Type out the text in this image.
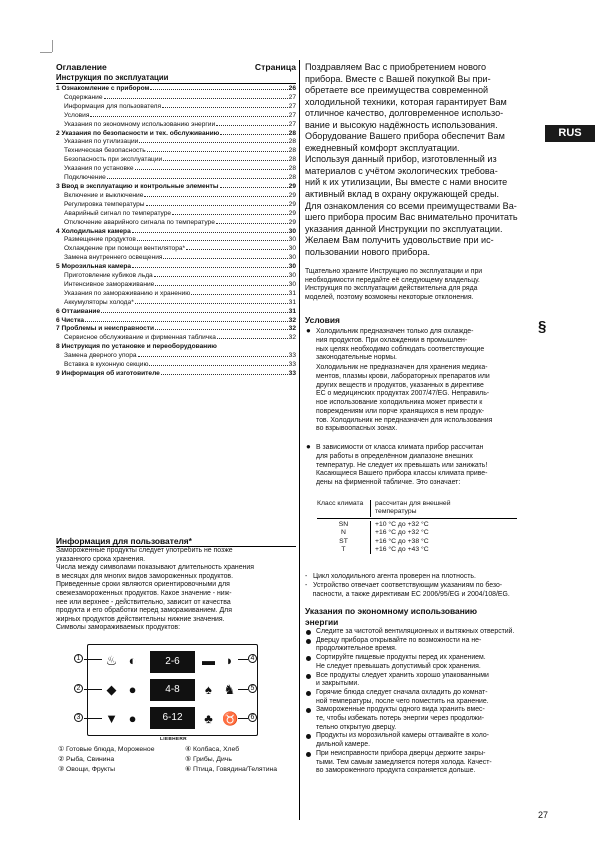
RUS
Оглавление	Страница
Инструкция по эксплуатации
1 Ознакомление с прибором	26
Содержание	27
Информация для пользователя	27
Условия	27
Указания по экономному использованию энергии	27
2 Указания по безопасности и тех. обслуживанию	28
Указания по утилизации	28
Техническая безопасность	28
Безопасность при эксплуатации	28
Указания по установке	28
Подключение	28
3 Ввод в эксплуатацию и контрольные элементы	29
Включение и выключение	29
Регулировка температуры	29
Аварийный сигнал по температуре	29
Отключение аварийного сигнала по температуре	29
4 Холодильная камера	30
Размещение продуктов	30
Охлаждение при помощи вентилятора*	30
Замена внутреннего освещения	30
5 Морозильная камера	30
Приготовление кубиков льда	30
Интенсивное замораживание	30
Указания по замораживанию и хранению	31
Аккумуляторы холода*	31
6 Оттаивание	31
6 Чистка	32
7 Проблемы и неисправности	32
Сервисное обслуживание и фирменная табличка	32
8 Инструкция по установке и переоборудованию
Замена дверного упора	33
Вставка в кухонную секцию	33
9 Информация об изготовителе	33
Информация для пользователя*

Замороженные продукты следует употребить не позже

указанного срока хранения.

Числа между символами показывают длительность хранения

в месяцах для многих видов замороженных продуктов.

Приведенные сроки являются ориентировочными для

свежезамороженных продуктов. Какое значение - ниж-

нее или верхнее - действительно, зависит от качества

продукта и его обработки перед замораживанием. Для

жирных продуктов действительны нижние значения.

Символы замораживаемых продуктов:

♨ ◐
◆ ●
▼ ●
2-6
4-8
6-12
▬ ◗
♠ ♞
♣ ♉
1
2
3
4
5
6
LIEBHERR
① Готовые блюда, Мороженое
② Рыба, Свинина
③ Овощи, Фрукты
④ Колбаса, Хлеб
⑤ Грибы, Дичь
⑥ Птица, Говядина/Телятина
Поздравляем Вас с приобретением нового
прибора. Вместе с Вашей покупкой Вы при-
обретаете все преимущества современной
холодильной техники, которая гарантирует Вам
отличное качество, долговременное использо-
вание и высокую надёжность использования.
Оборудование Вашего прибора обеспечит Вам
ежедневный комфорт эксплуатации.
Используя данный прибор, изготовленный из
материалов с учётом экологических требова-
ний к их утилизации, Вы вместе с нами вносите
активный вклад в охрану окружающей среды.
Для ознакомления со всеми преимуществами Ва-
шего прибора просим Вас внимательно прочитать
указания данной Инструкции по эксплуатации.
Желаем Вам получить удовольствие при ис-
пользовании нового прибора.
Тщательно храните Инструкцию по эксплуатации и при
необходимости передайте её следующему владельцу.
Инструкция по эксплуатации действительна для ряда
моделей, поэтому возможны некоторые отклонения.
Условия	§
● Холодильник предназначен только для охлажде-
ния продуктов. При охлаждении в промышлен-
ных целях необходимо соблюдать соответствующие
законодательные нормы.
Холодильник не предназначен для хранения медика-
ментов, плазмы крови, лабораторных препаратов или
других веществ и продуктов, указанных в директиве
ЕС о медицинских продуктах 2007/47/EG. Неправиль-
ное использование холодильника может привести к
повреждениям или порче хранящихся в нем продук-
тов. Холодильник не предназначен для использования
во взрывоопасных зонах.
● В зависимости от класса климата прибор рассчитан
для работы в определённом диапазоне внешних
температур. Не следует их превышать или занижать!
Касающиеся Вашего прибора классы климата приве-
дены на фирменной табличке. Это означает:
Класс климата	рассчитан для внешней температуры
SN	+10 °C до +32 °C
N	+16 °C до +32 °C
ST	+16 °C до +38 °C
T	+16 °C до +43 °C
-   Цикл холодильного агента проверен на плотность.
-   Устройство отвечает соответствующим указаниям по безо-
пасности, а также директивам ЕС 2006/95/EG и 2004/108/EG.
Указания по экономному использованию
энергии
Следите за чистотой вентиляционных и вытяжных отверстий.
Дверцу прибора открывайте по возможности на не-
продолжительное время.
Сортируйте пищевые продукты перед их хранением.
Не следует превышать допустимый срок хранения.
Все продукты следует хранить хорошо упакованными
и закрытыми.
Горячие блюда следует сначала охладить до комнат-
ной температуры, после чего поместить на хранение.
Замороженные продукты одного вида хранить вмес-
те, чтобы избежать потерь энергии через продолжи-
тельно открытую дверцу.
Продукты из морозильной камеры оттаивайте в холо-
дильной камере.
При неисправности прибора дверцы держите закры-
тыми. Тем самым замедляется потеря холода. Качест-
во замороженного продукта сохраняется дольше.
27
